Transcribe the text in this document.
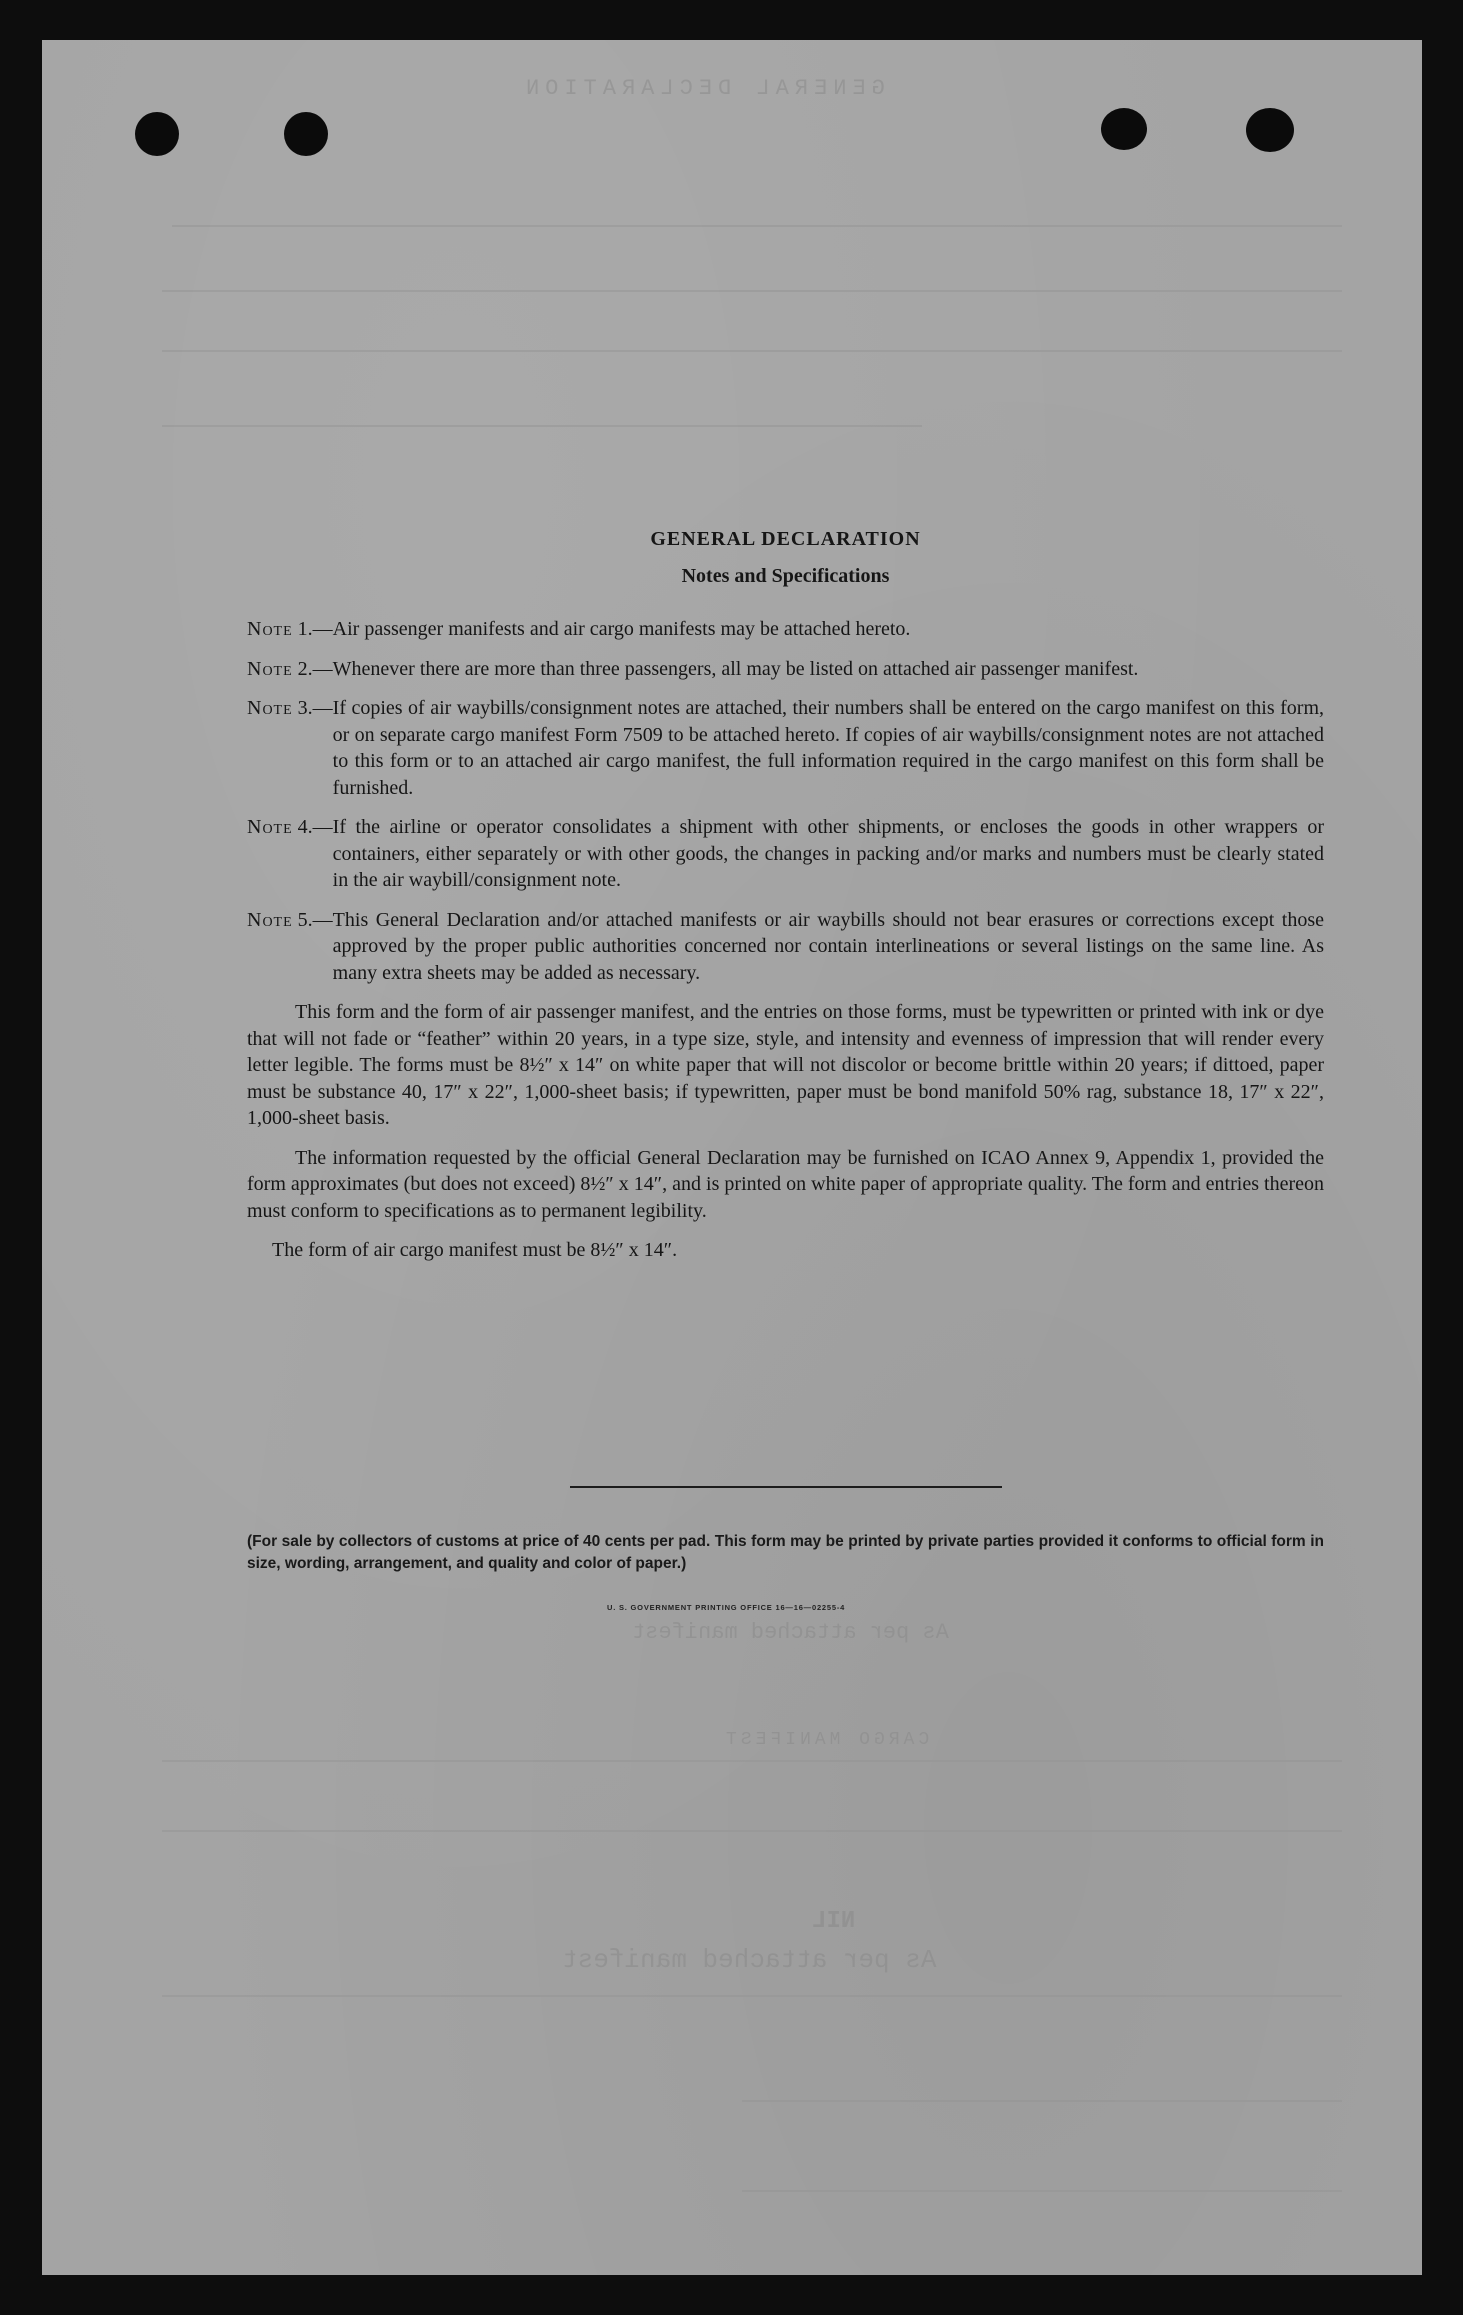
GENERAL DECLARATION
As per attached manifest
CARGO MANIFEST
NIL
As per attached manifest
GENERAL DECLARATION
Notes and Specifications
Note 1.— Air passenger manifests and air cargo manifests may be attached hereto.
Note 2.— Whenever there are more than three passengers, all may be listed on attached air passenger manifest.
Note 3.— If copies of air waybills/consignment notes are attached, their numbers shall be entered on the cargo manifest on this form, or on separate cargo manifest Form 7509 to be attached hereto. If copies of air waybills/consignment notes are not attached to this form or to an attached air cargo manifest, the full information required in the cargo manifest on this form shall be furnished.
Note 4.— If the airline or operator consolidates a shipment with other shipments, or encloses the goods in other wrappers or containers, either separately or with other goods, the changes in packing and/or marks and numbers must be clearly stated in the air waybill/consignment note.
Note 5.— This General Declaration and/or attached manifests or air waybills should not bear erasures or corrections except those approved by the proper public authorities concerned nor contain interlineations or several listings on the same line. As many extra sheets may be added as necessary.

This form and the form of air passenger manifest, and the entries on those forms, must be typewritten or printed with ink or dye that will not fade or “feather” within 20 years, in a type size, style, and intensity and evenness of impression that will render every letter legible. The forms must be 8½″ x 14″ on white paper that will not discolor or become brittle within 20 years; if dittoed, paper must be substance 40, 17″ x 22″, 1,000-sheet basis; if typewritten, paper must be bond manifold 50% rag, substance 18, 17″ x 22″, 1,000-sheet basis.

The information requested by the official General Declaration may be furnished on ICAO Annex 9, Appendix 1, provided the form approximates (but does not exceed) 8½″ x 14″, and is printed on white paper of appropriate quality. The form and entries thereon must conform to specifications as to permanent legibility.

The form of air cargo manifest must be 8½″ x 14″.

(For sale by collectors of customs at price of 40 cents per pad. This form may be printed by private parties provided it conforms to official form in size, wording, arrangement, and quality and color of paper.)
U. S. GOVERNMENT PRINTING OFFICE 16—16—02255-4
